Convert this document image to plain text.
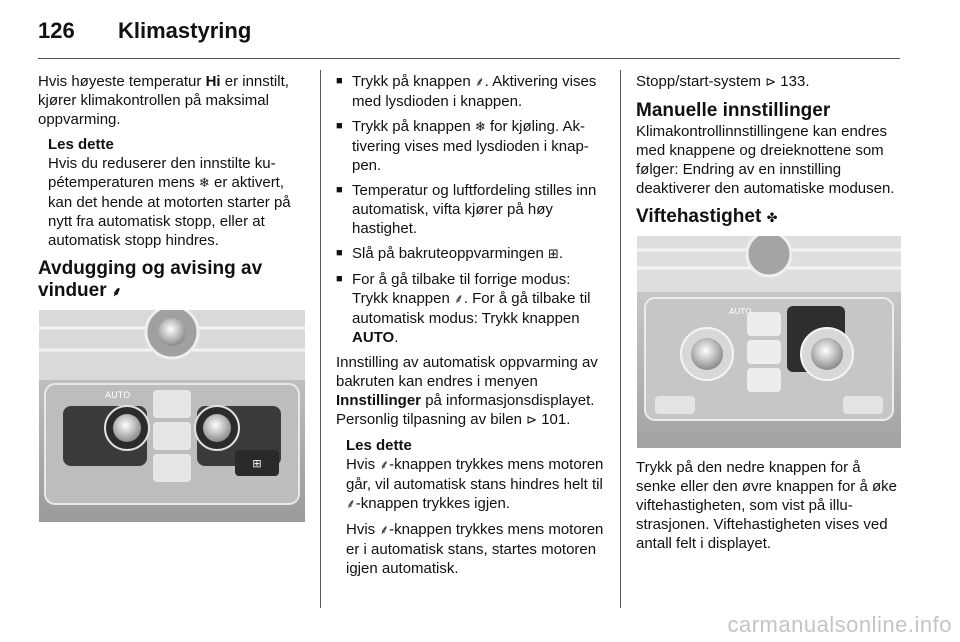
126 Klimastyring

Hvis høyeste temperatur Hi er innstilt, kjører klimakontrollen på maksimal oppvarming.

Les dette

Hvis du reduserer den innstilte kupétemperaturen mens ❄ er aktivert, kan det hende at motorten starter på nytt fra automatisk stopp, eller at automatisk stopp hindres.

Avdugging og avising av vinduer ⸙
⊞
AUTO
■ Trykk på knappen ⸙. Aktivering vises med lysdioden i knappen.
■ Trykk på knappen ❄ for kjøling. Aktivering vises med lysdioden i knappen.
■ Temperatur og luftfordeling stilles inn automatisk, vifta kjører på høy hastighet.
■ Slå på bakruteoppvarmingen ⊞.
■ For å gå tilbake til forrige modus: Trykk knappen ⸙. For å gå tilbake til automatisk modus: Trykk knappen AUTO.

Innstilling av automatisk oppvarming av bakruten kan endres i menyen Innstillinger på informasjonsdisplayet. Personlig tilpasning av bilen ⊳ 101.

Les dette

Hvis ⸙-knappen trykkes mens motoren går, vil automatisk stans hindres helt til ⸙-knappen trykkes igjen.

Hvis ⸙-knappen trykkes mens motoren er i automatisk stans, startes motoren igjen automatisk.

Stopp/start-system ⊳ 133.

Manuelle innstillinger

Klimakontrollinnstillingene kan endres med knappene og dreieknottene som følger: Endring av en innstilling deaktiverer den automatiske modusen.

Viftehastighet ✤
AUTO

Trykk på den nedre knappen for å senke eller den øvre knappen for å øke viftehastigheten, som vist på illustrasjonen. Viftehastigheten vises ved antall felt i displayet.

carmanualsonline.info
